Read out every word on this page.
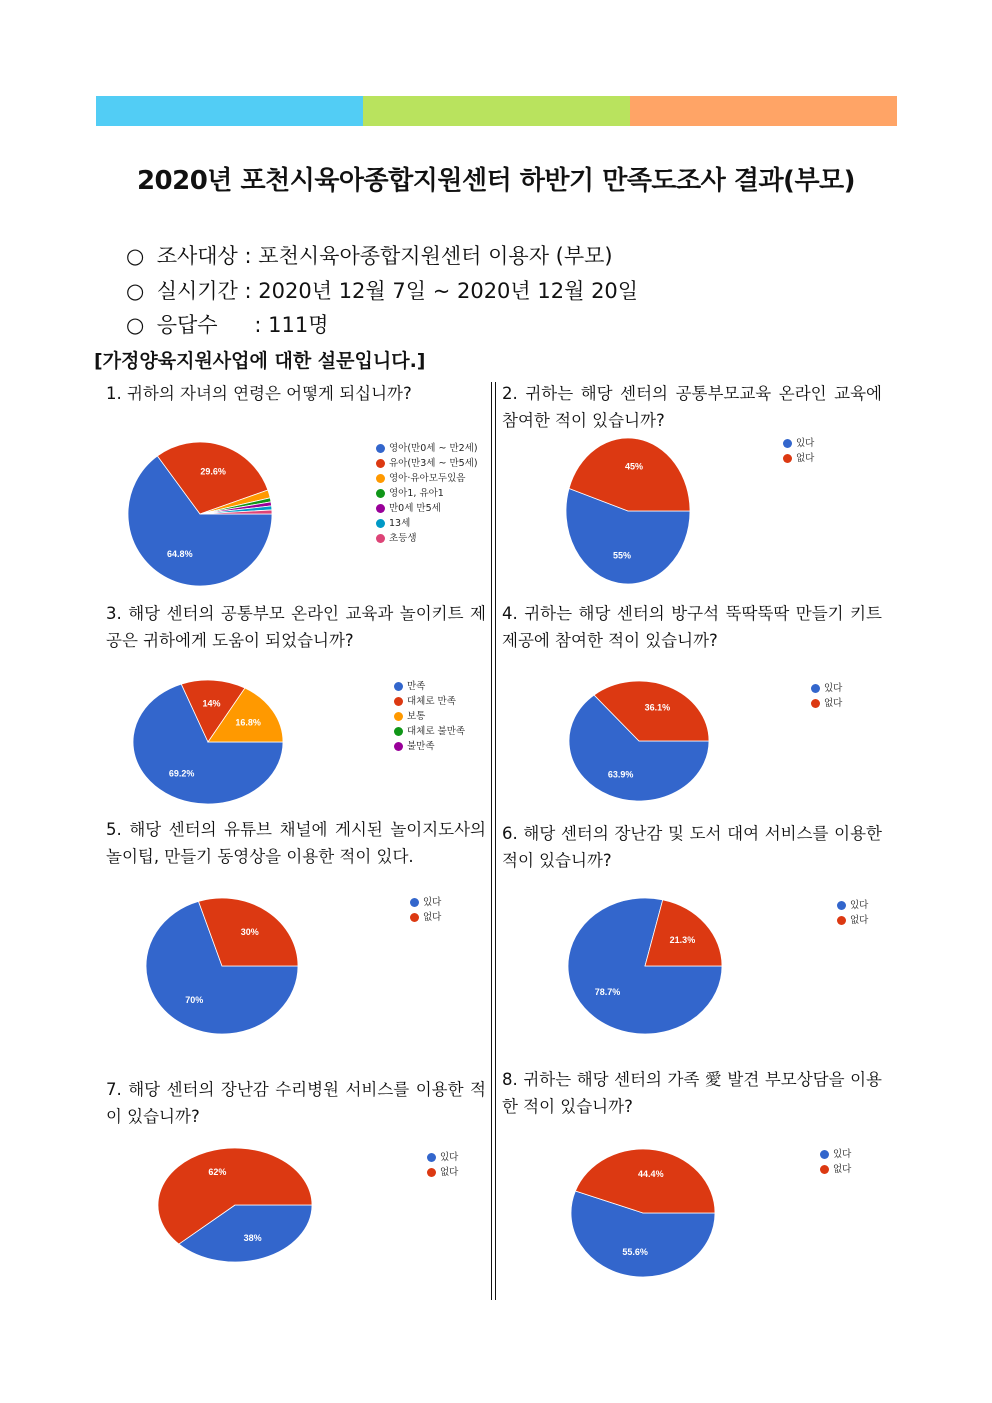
2020년 포천시육아종합지원센터 하반기 만족도조사 결과(부모)
○ 조사대상 : 포천시육아종합지원센터 이용자 (부모)
○ 실시기간 : 2020년 12월 7일 ~ 2020년 12월 20일
○ 응답수 : 111명
[가정양육지원사업에 대한 설문입니다.]
1. 귀하의 자녀의 연령은 어떻게 되십니까?	2. 귀하는 해당 센터의 공통부모교육 온라인 교육에 참여한 적이 있습니까?
3. 해당 센터의 공통부모 온라인 교육과 놀이키트 제공은 귀하에게 도움이 되었습니까?
4. 귀하는 해당 센터의 방구석 뚝딱뚝딱 만들기 키트 제공에 참여한 적이 있습니까?
5. 해당 센터의 유튜브 채널에 게시된 놀이지도사의 놀이팁, 만들기 동영상을 이용한 적이 있다.
6. 해당 센터의 장난감 및 도서 대여 서비스를 이용한 적이 있습니까?
7. 해당 센터의 장난감 수리병원 서비스를 이용한 적이 있습니까?
8. 귀하는 해당 센터의 가족 愛 발견 부모상담을 이용한 적이 있습니까?
64.8%
29.6%
55%
45%
69.2%
14%
16.8%
63.9%
36.1%
70%
30%
78.7%
21.3%
38%
62%
55.6%
44.4%
영아(만0세 ~ 만2세)
유아(만3세 ~ 만5세)
영아·유아모두있음
영아1, 유아1
만0세 만5세
13세
초등생
있다
없다
만족
대체로 만족
보통
대체로 불만족
불만족
있다
없다
있다
없다
있다
없다
있다
없다
있다
없다
